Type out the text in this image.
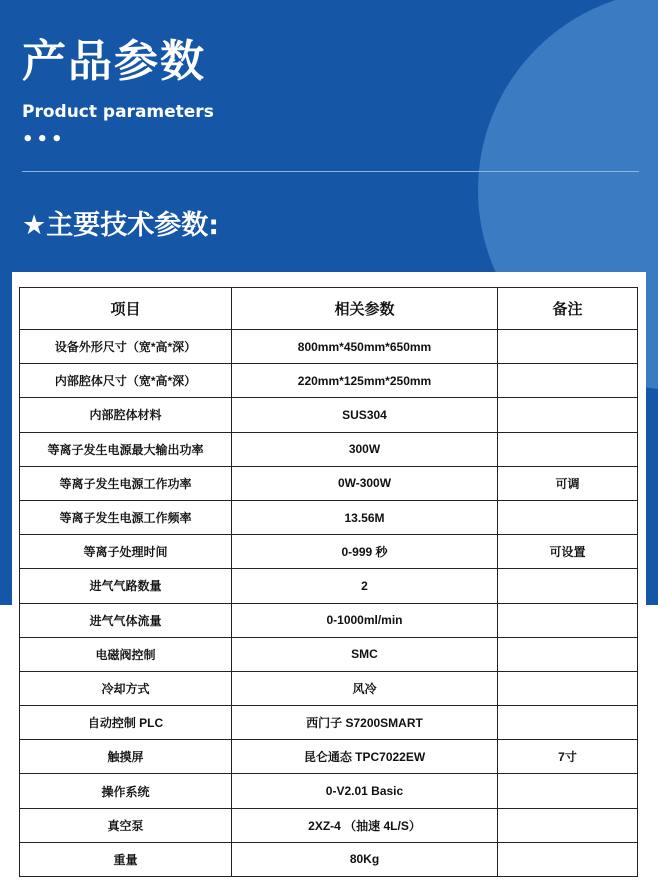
产品参数
Product parameters
•••
★主要技术参数:
项目	相关参数	备注
设备外形尺寸（宽*高*深）	800mm*450mm*650mm	
内部腔体尺寸（宽*高*深）	220mm*125mm*250mm	
内部腔体材料	SUS304	
等离子发生电源最大输出功率	300W	
等离子发生电源工作功率	0W-300W	可调
等离子发生电源工作频率	13.56M	
等离子处理时间	0-999 秒	可设置
进气气路数量	2	
进气气体流量	0-1000ml/min	
电磁阀控制	SMC	
冷却方式	风冷	
自动控制 PLC	西门子 S7200SMART	
触摸屏	昆仑通态 TPC7022EW	7寸
操作系统	0-V2.01 Basic	
真空泵	2XZ-4 （抽速 4L/S）	
重量	80Kg	
